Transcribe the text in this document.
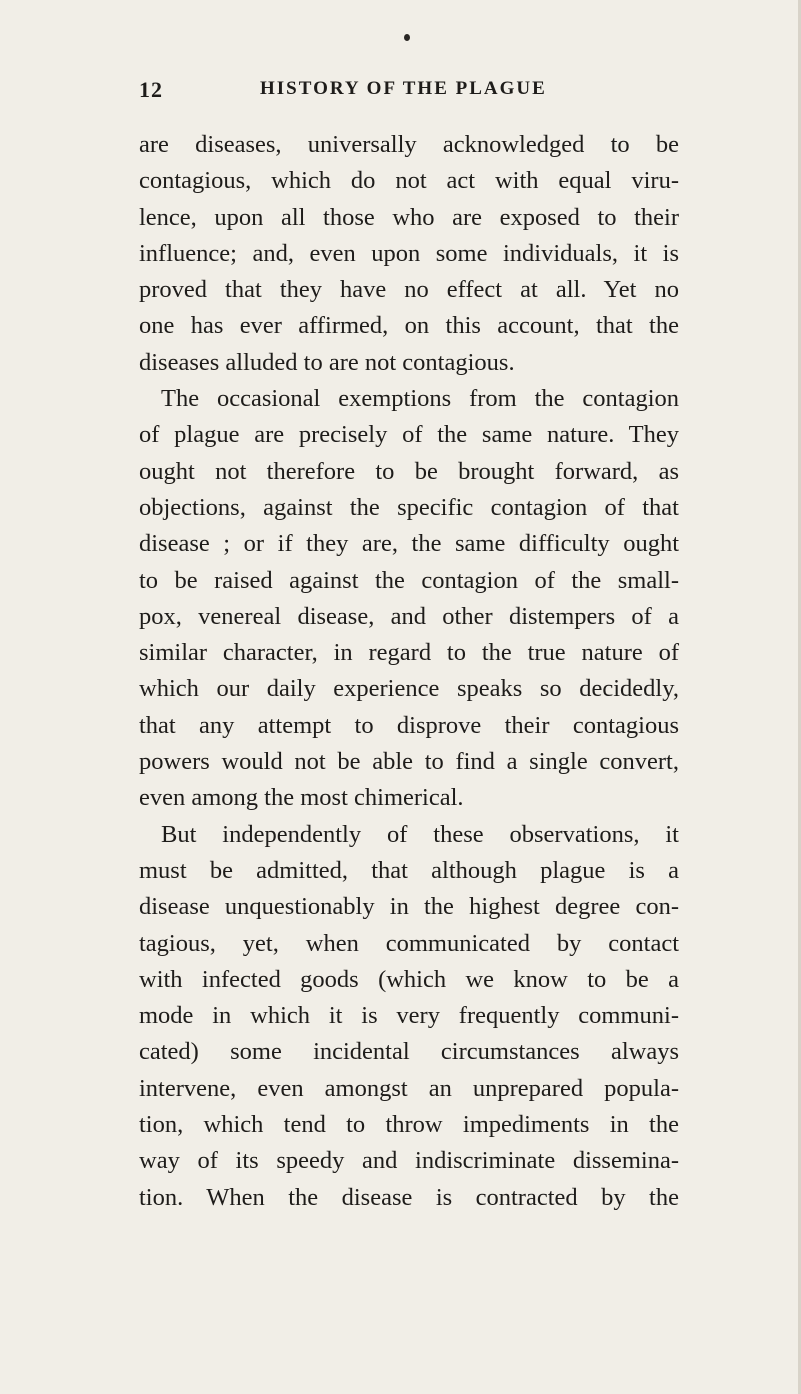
12	HISTORY OF THE PLAGUE
are diseases, universally acknowledged to be
contagious, which do not act with equal viru-
lence, upon all those who are exposed to their
influence; and, even upon some individuals, it is
proved that they have no effect at all. Yet no
one has ever affirmed, on this account, that the
diseases alluded to are not contagious.
The occasional exemptions from the contagion
of plague are precisely of the same nature. They
ought not therefore to be brought forward, as
objections, against the specific contagion of that
disease ; or if they are, the same difficulty ought
to be raised against the contagion of the small-
pox, venereal disease, and other distempers of a
similar character, in regard to the true nature of
which our daily experience speaks so decidedly,
that any attempt to disprove their contagious
powers would not be able to find a single convert,
even among the most chimerical.
But independently of these observations, it
must be admitted, that although plague is a
disease unquestionably in the highest degree con-
tagious, yet, when communicated by contact
with infected goods (which we know to be a
mode in which it is very frequently communi-
cated) some incidental circumstances always
intervene, even amongst an unprepared popula-
tion, which tend to throw impediments in the
way of its speedy and indiscriminate dissemina-
tion. When the disease is contracted by the
